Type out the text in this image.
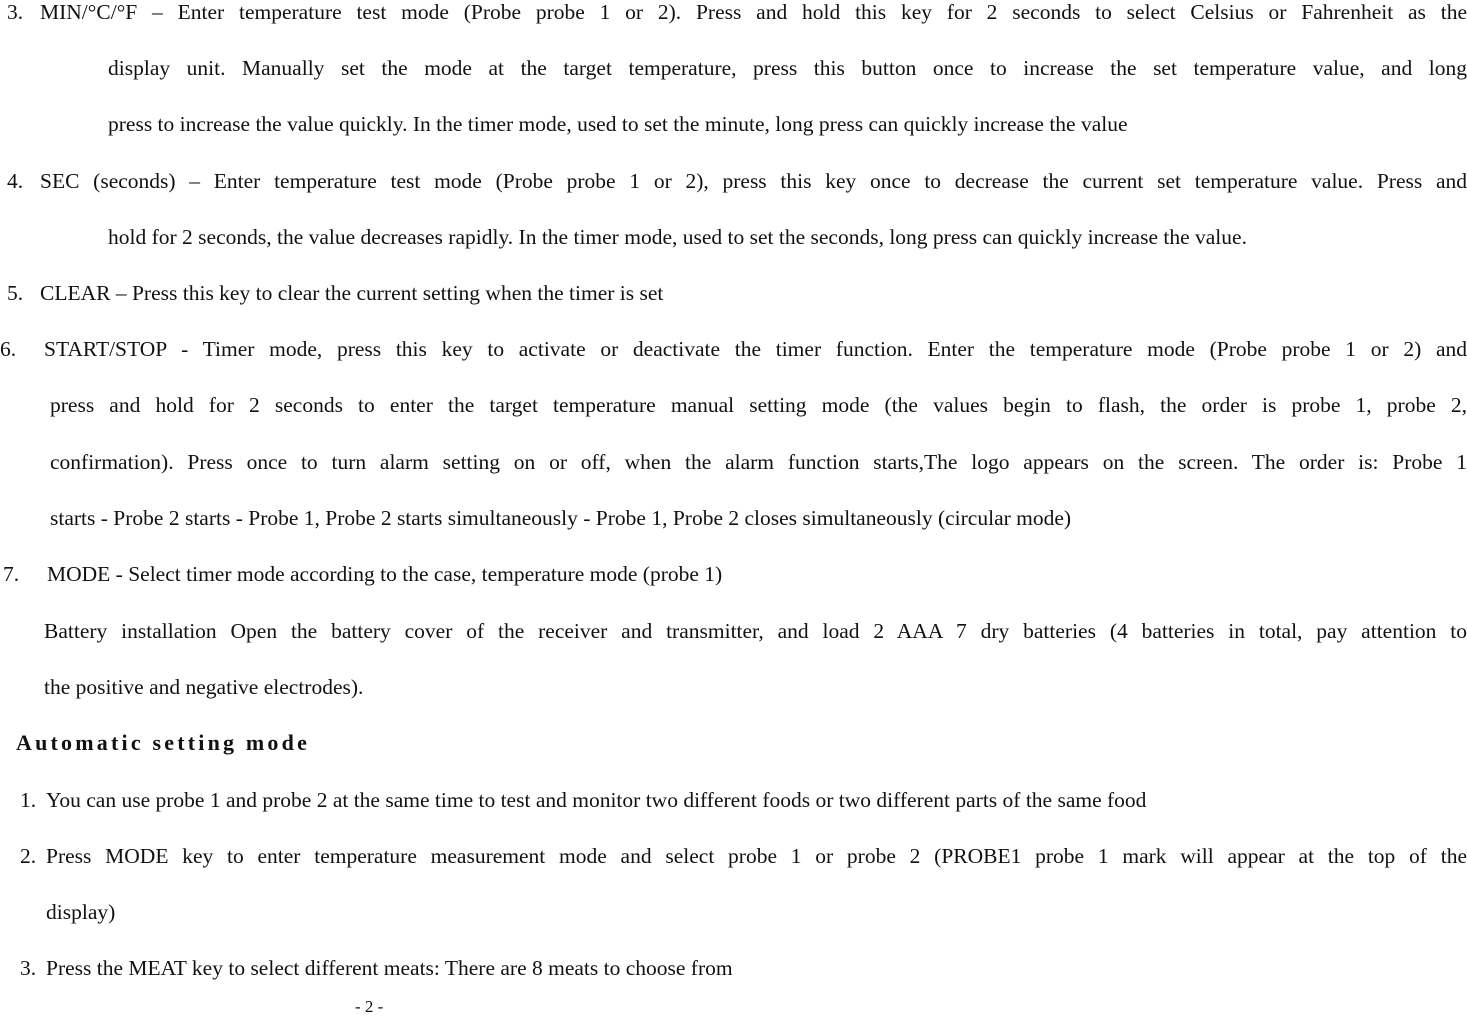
3. MIN/°C/°F – Enter temperature test mode (Probe probe 1 or 2). Press and hold this key for 2 seconds to select Celsius or Fahrenheit as the
display unit. Manually set the mode at the target temperature, press this button once to increase the set temperature value, and long
press to increase the value quickly. In the timer mode, used to set the minute, long press can quickly increase the value
4. SEC (seconds) – Enter temperature test mode (Probe probe 1 or 2), press this key once to decrease the current set temperature value. Press and
hold for 2 seconds, the value decreases rapidly. In the timer mode, used to set the seconds, long press can quickly increase the value.
5. CLEAR – Press this key to clear the current setting when the timer is set
6. START/STOP - Timer mode, press this key to activate or deactivate the timer function. Enter the temperature mode (Probe probe 1 or 2) and
press and hold for 2 seconds to enter the target temperature manual setting mode (the values begin to flash, the order is probe 1, probe 2,
confirmation). Press once to turn alarm setting on or off, when the alarm function starts,The logo appears on the screen. The order is: Probe 1
starts - Probe 2 starts - Probe 1, Probe 2 starts simultaneously - Probe 1, Probe 2 closes simultaneously (circular mode)
7. MODE - Select timer mode according to the case, temperature mode (probe 1)
Battery installation Open the battery cover of the receiver and transmitter, and load 2 AAA 7 dry batteries (4 batteries in total, pay attention to
the positive and negative electrodes).
Automatic setting mode
1. You can use probe 1 and probe 2 at the same time to test and monitor two different foods or two different parts of the same food
2. Press MODE key to enter temperature measurement mode and select probe 1 or probe 2 (PROBE1 probe 1 mark will appear at the top of the
display)
3. Press the MEAT key to select different meats: There are 8 meats to choose from
- 2 -
